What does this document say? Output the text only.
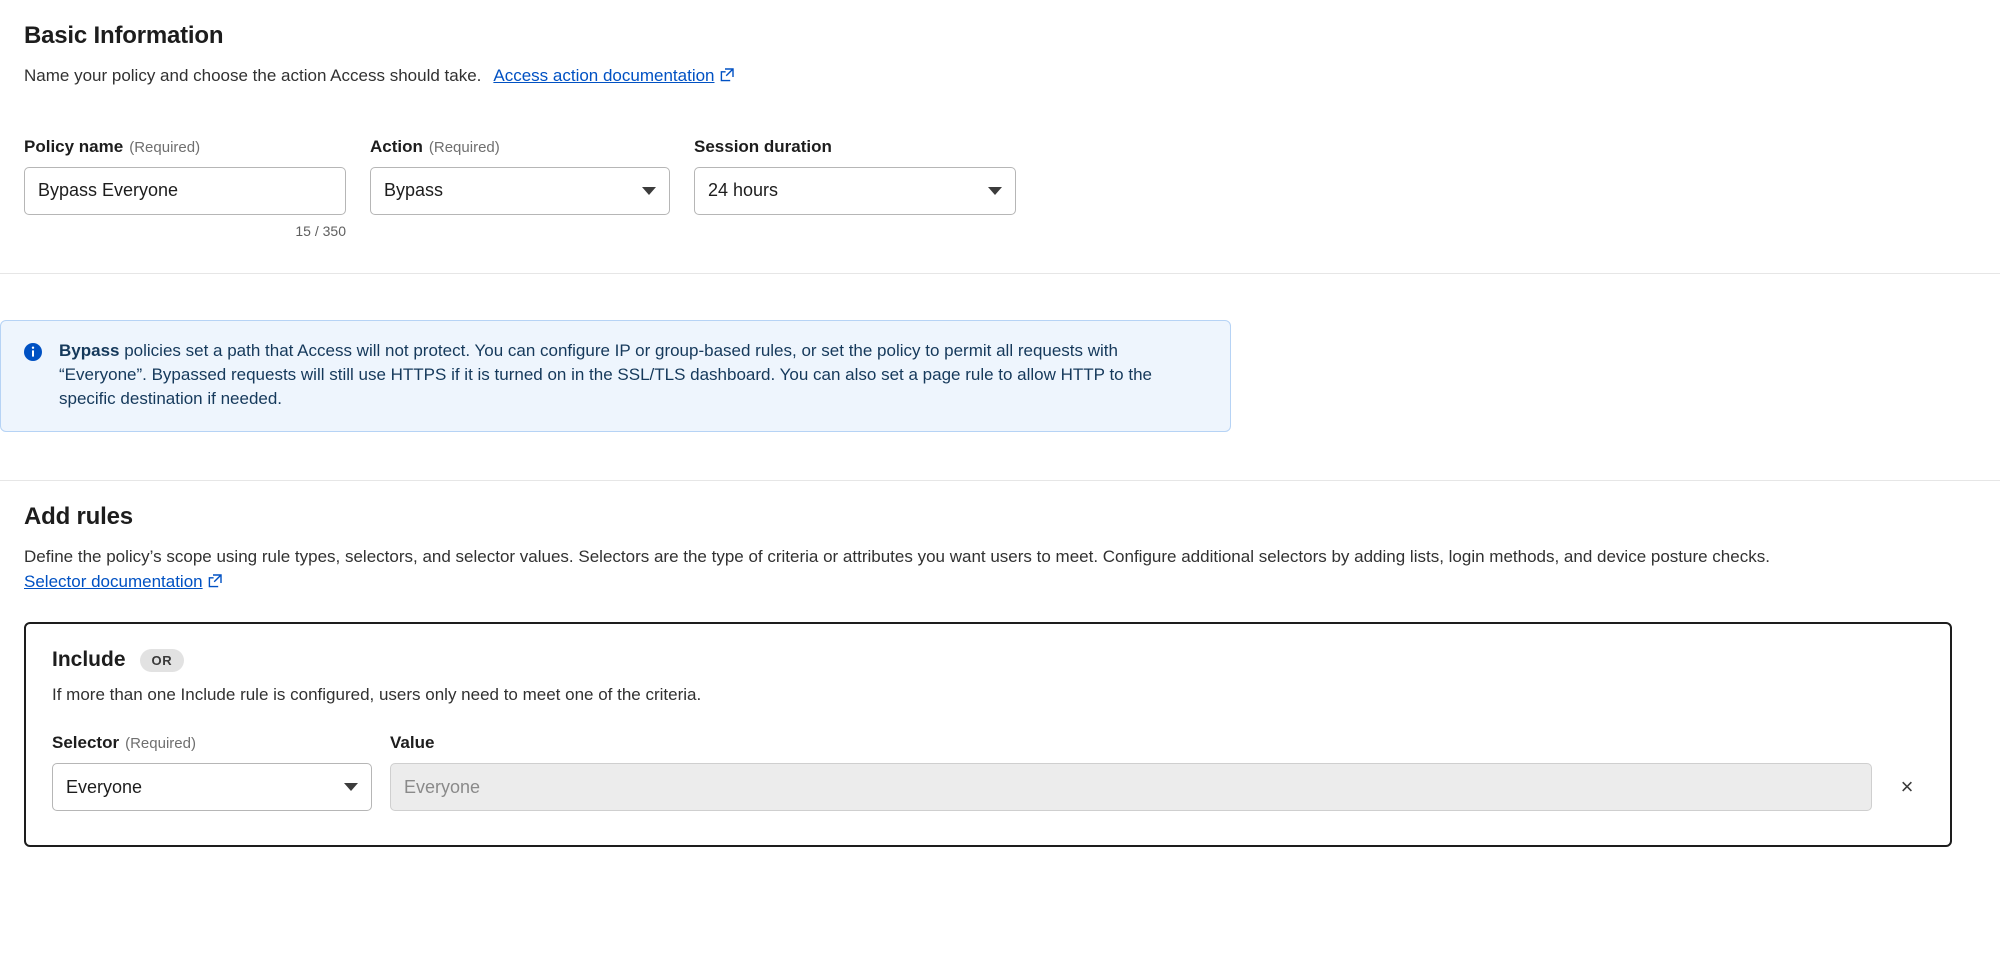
Basic Information

Name your policy and choose the action Access should take. Access action documentation

Policy name (Required)
Bypass Everyone
15 / 350
Action (Required)
Bypass
Session duration
24 hours
Bypass policies set a path that Access will not protect. You can configure IP or group-based rules, or set the policy to permit all requests with “Everyone”. Bypassed requests will still use HTTPS if it is turned on in the SSL/TLS dashboard. You can also set a page rule to allow HTTP to the specific destination if needed.
Add rules

Define the policy’s scope using rule types, selectors, and selector values. Selectors are the type of criteria or attributes you want users to meet. Configure additional selectors by adding lists, login methods, and device posture checks. Selector documentation

Include	OR

If more than one Include rule is configured, users only need to meet one of the criteria.

Selector (Required)
Everyone
Value
Everyone	×
